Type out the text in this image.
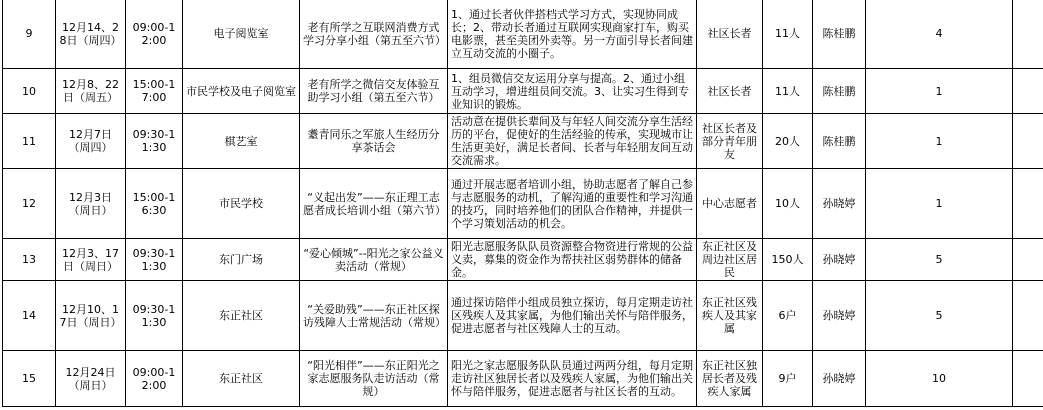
9	12月14、28日（周四）	09:00-12:00	电子阅览室	老有所学之互联网消费方式学习分享小组（第五至六节）	1、通过长者伙伴搭档式学习方式，实现协同成长；2、带动长者通过互联网实现商家打车，购买电影票，甚至美团外卖等。另一方面引导长者间建立互动交流的小圈子。	社区长者	11人	陈桂鹏	4	
10	12月8、22日（周五）	15:00-17:00	市民学校及电子阅览室	老有所学之微信交友体验互助学习小组（第五至六节）	1、组员微信交友运用分享与提高。2、通过小组互动学习，增进组员间交流。3、让实习生得到专业知识的锻炼。	社区长者	11人	陈桂鹏	1	
11	12月7日（周四）	09:30-11:30	棋艺室	耋青同乐之军旅人生经历分享茶话会	活动意在提供长辈间及与年轻人间交流分享生活经历的平台，促使好的生活经验的传承，实现城市让生活更美好，满足长者间、长者与年轻朋友间互动交流需求。	社区长者及部分青年朋友	20人	陈桂鹏	1	
12	12月3日（周日）	15:00-16:30	市民学校	“义起出发”——东正理工志愿者成长培训小组（第六节）	通过开展志愿者培训小组，协助志愿者了解自己参与志愿服务的动机，了解沟通的重要性和学习沟通的技巧，同时培养他们的团队合作精神，并提供一个学习策划活动的机会。	中心志愿者	10人	孙晓婷	1	
13	12月3、17日（周日）	09:30-11:30	东门广场	“爱心倾城”--阳光之家公益义卖活动（常规）	阳光志愿服务队队员资源整合物资进行常规的公益义卖，募集的资金作为帮扶社区弱势群体的储备金。	东正社区及周边社区居民	150人	孙晓婷	5	
14	12月10、17日（周日）	09:30-11:30	东正社区	“关爱助残”——东正社区探访残障人士常规活动（常规）	通过探访陪伴小组成员独立探访，每月定期走访社区残疾人及其家属，为他们输出关怀与陪伴服务，促进志愿者与社区残障人士的互动。	东正社区残疾人及其家属	6户	孙晓婷	5	
15	12月24日（周日）	09:00-12:00	东正社区	“阳光相伴”——东正阳光之家志愿服务队走访活动（常规）	阳光之家志愿服务队队员通过两两分组，每月定期走访社区独居长者以及残疾人家属，为他们输出关怀与陪伴服务，促进志愿者与社区长者的互动。	东正社区独居长者及残疾人家属	9户	孙晓婷	10	
